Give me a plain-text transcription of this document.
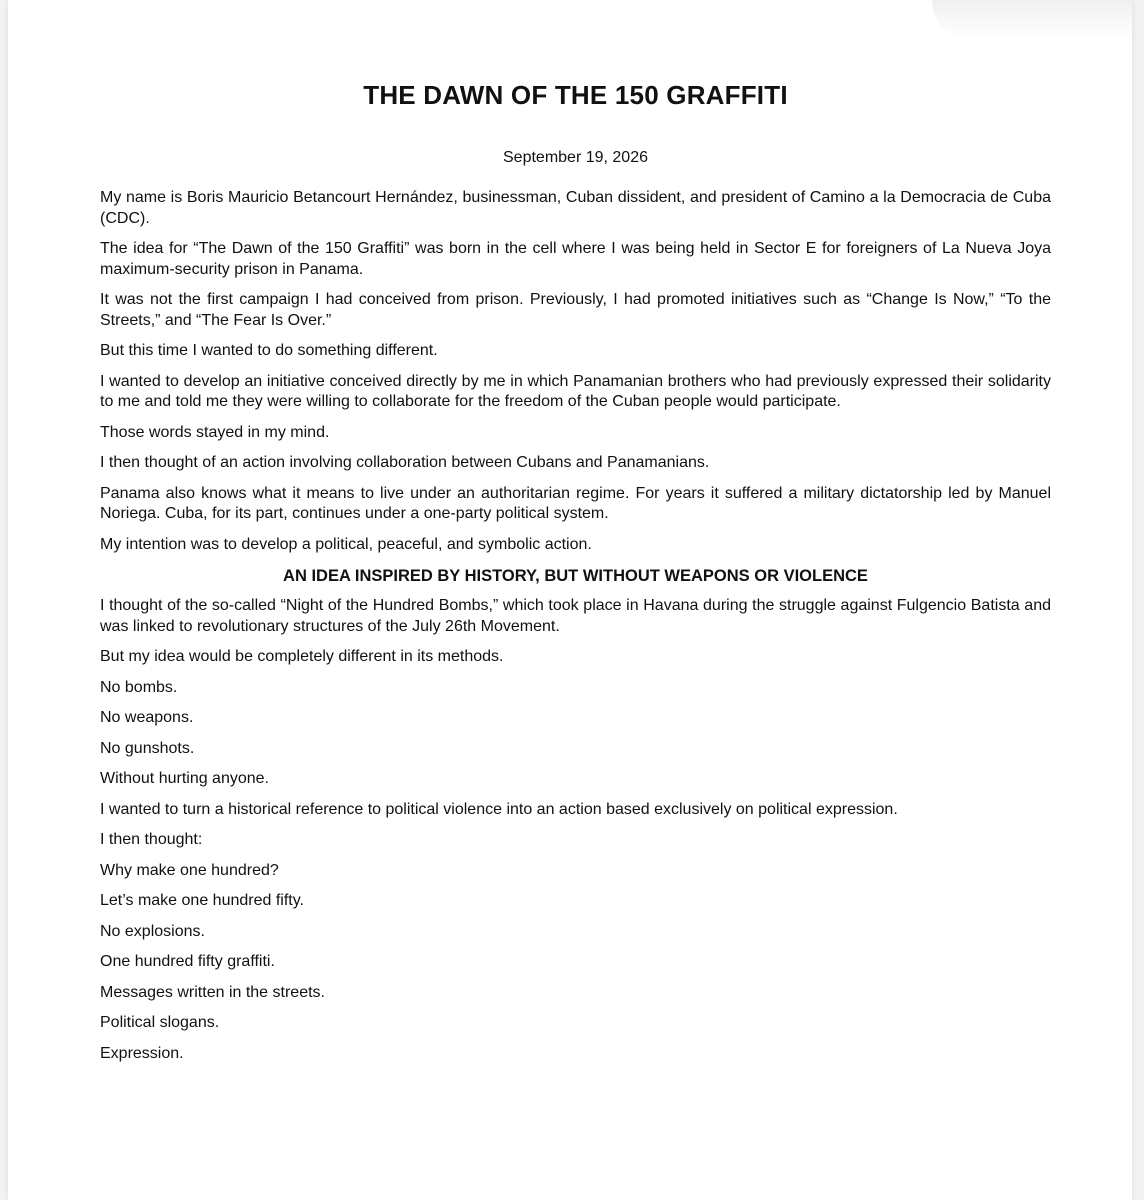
THE DAWN OF THE 150 GRAFFITI
September 19, 2026

My name is Boris Mauricio Betancourt Hernández, businessman, Cuban dissident, and president of Camino a la Democracia de Cuba (CDC).

The idea for “The Dawn of the 150 Graffiti” was born in the cell where I was being held in Sector E for foreigners of La Nueva Joya maximum-security prison in Panama.

It was not the first campaign I had conceived from prison. Previously, I had promoted initiatives such as “Change Is Now,” “To the Streets,” and “The Fear Is Over.”

But this time I wanted to do something different.

I wanted to develop an initiative conceived directly by me in which Panamanian brothers who had previously expressed their solidarity to me and told me they were willing to collaborate for the freedom of the Cuban people would participate.

Those words stayed in my mind.

I then thought of an action involving collaboration between Cubans and Panamanians.

Panama also knows what it means to live under an authoritarian regime. For years it suffered a military dictatorship led by Manuel Noriega. Cuba, for its part, continues under a one-party political system.

My intention was to develop a political, peaceful, and symbolic action.

AN IDEA INSPIRED BY HISTORY, BUT WITHOUT WEAPONS OR VIOLENCE

I thought of the so-called “Night of the Hundred Bombs,” which took place in Havana during the struggle against Fulgencio Batista and was linked to revolutionary structures of the July 26th Movement.

But my idea would be completely different in its methods.

No bombs.

No weapons.

No gunshots.

Without hurting anyone.

I wanted to turn a historical reference to political violence into an action based exclusively on political expression.

I then thought:

Why make one hundred?

Let’s make one hundred fifty.

No explosions.

One hundred fifty graffiti.

Messages written in the streets.

Political slogans.

Expression.
